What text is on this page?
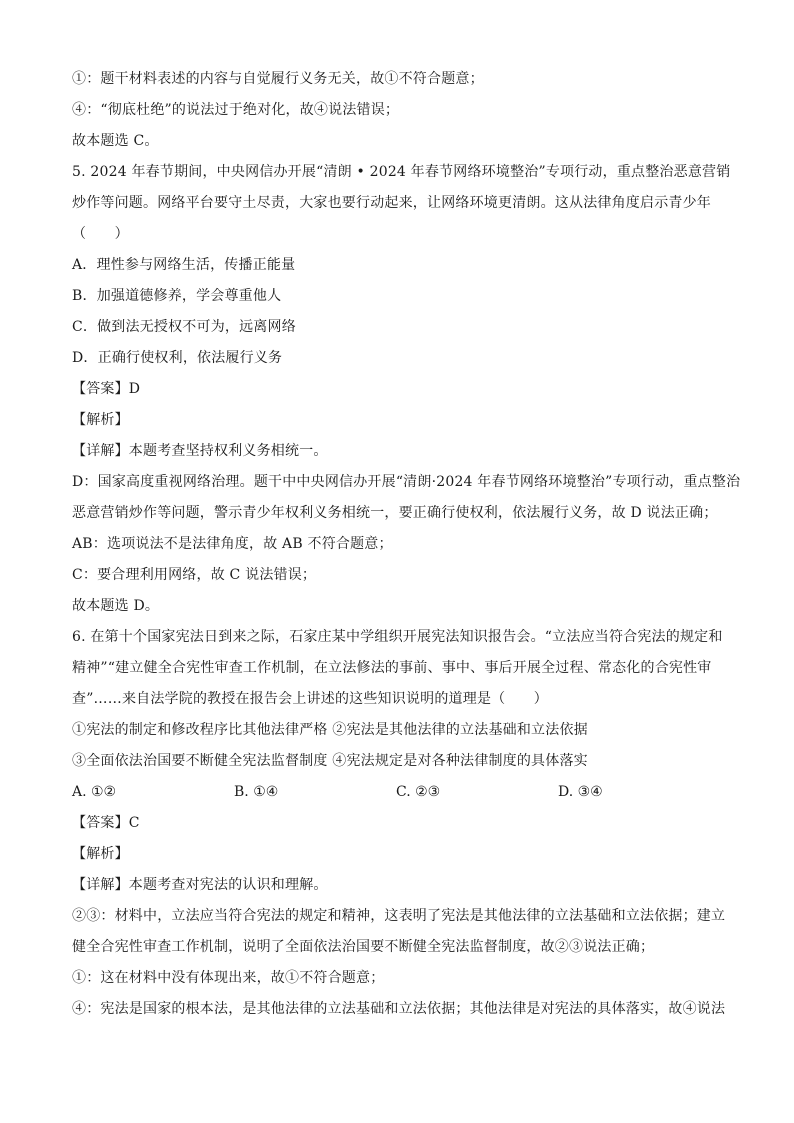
①：题干材料表述的内容与自觉履行义务无关，故①不符合题意；
④：“彻底杜绝”的说法过于绝对化，故④说法错误；
故本题选 C。
5. 2024 年春节期间，中央网信办开展“清朗 • 2024 年春节网络环境整治”专项行动，重点整治恶意营销
炒作等问题。网络平台要守土尽责，大家也要行动起来，让网络环境更清朗。这从法律角度启示青少年
（　　）
A．理性参与网络生活，传播正能量
B．加强道德修养，学会尊重他人
C．做到法无授权不可为，远离网络
D．正确行使权利，依法履行义务
【答案】D
【解析】
【详解】本题考查坚持权利义务相统一。
D：国家高度重视网络治理。题干中中央网信办开展“清朗·2024 年春节网络环境整治”专项行动，重点整治
恶意营销炒作等问题，警示青少年权利义务相统一，要正确行使权利，依法履行义务，故 D 说法正确；
AB：选项说法不是法律角度，故 AB 不符合题意；
C：要合理利用网络，故 C 说法错误；
故本题选 D。
6. 在第十个国家宪法日到来之际，石家庄某中学组织开展宪法知识报告会。“立法应当符合宪法的规定和
精神”“建立健全合宪性审查工作机制，在立法修法的事前、事中、事后开展全过程、常态化的合宪性审
查”……来自法学院的教授在报告会上讲述的这些知识说明的道理是（　　）
①宪法的制定和修改程序比其他法律严格 ②宪法是其他法律的立法基础和立法依据
③全面依法治国要不断健全宪法监督制度 ④宪法规定是对各种法律制度的具体落实
A. ①②	B. ①④	C. ②③	D. ③④
【答案】C
【解析】
【详解】本题考查对宪法的认识和理解。
②③：材料中，立法应当符合宪法的规定和精神，这表明了宪法是其他法律的立法基础和立法依据；建立
健全合宪性审查工作机制，说明了全面依法治国要不断健全宪法监督制度，故②③说法正确；
①：这在材料中没有体现出来，故①不符合题意；
④：宪法是国家的根本法，是其他法律的立法基础和立法依据；其他法律是对宪法的具体落实，故④说法
